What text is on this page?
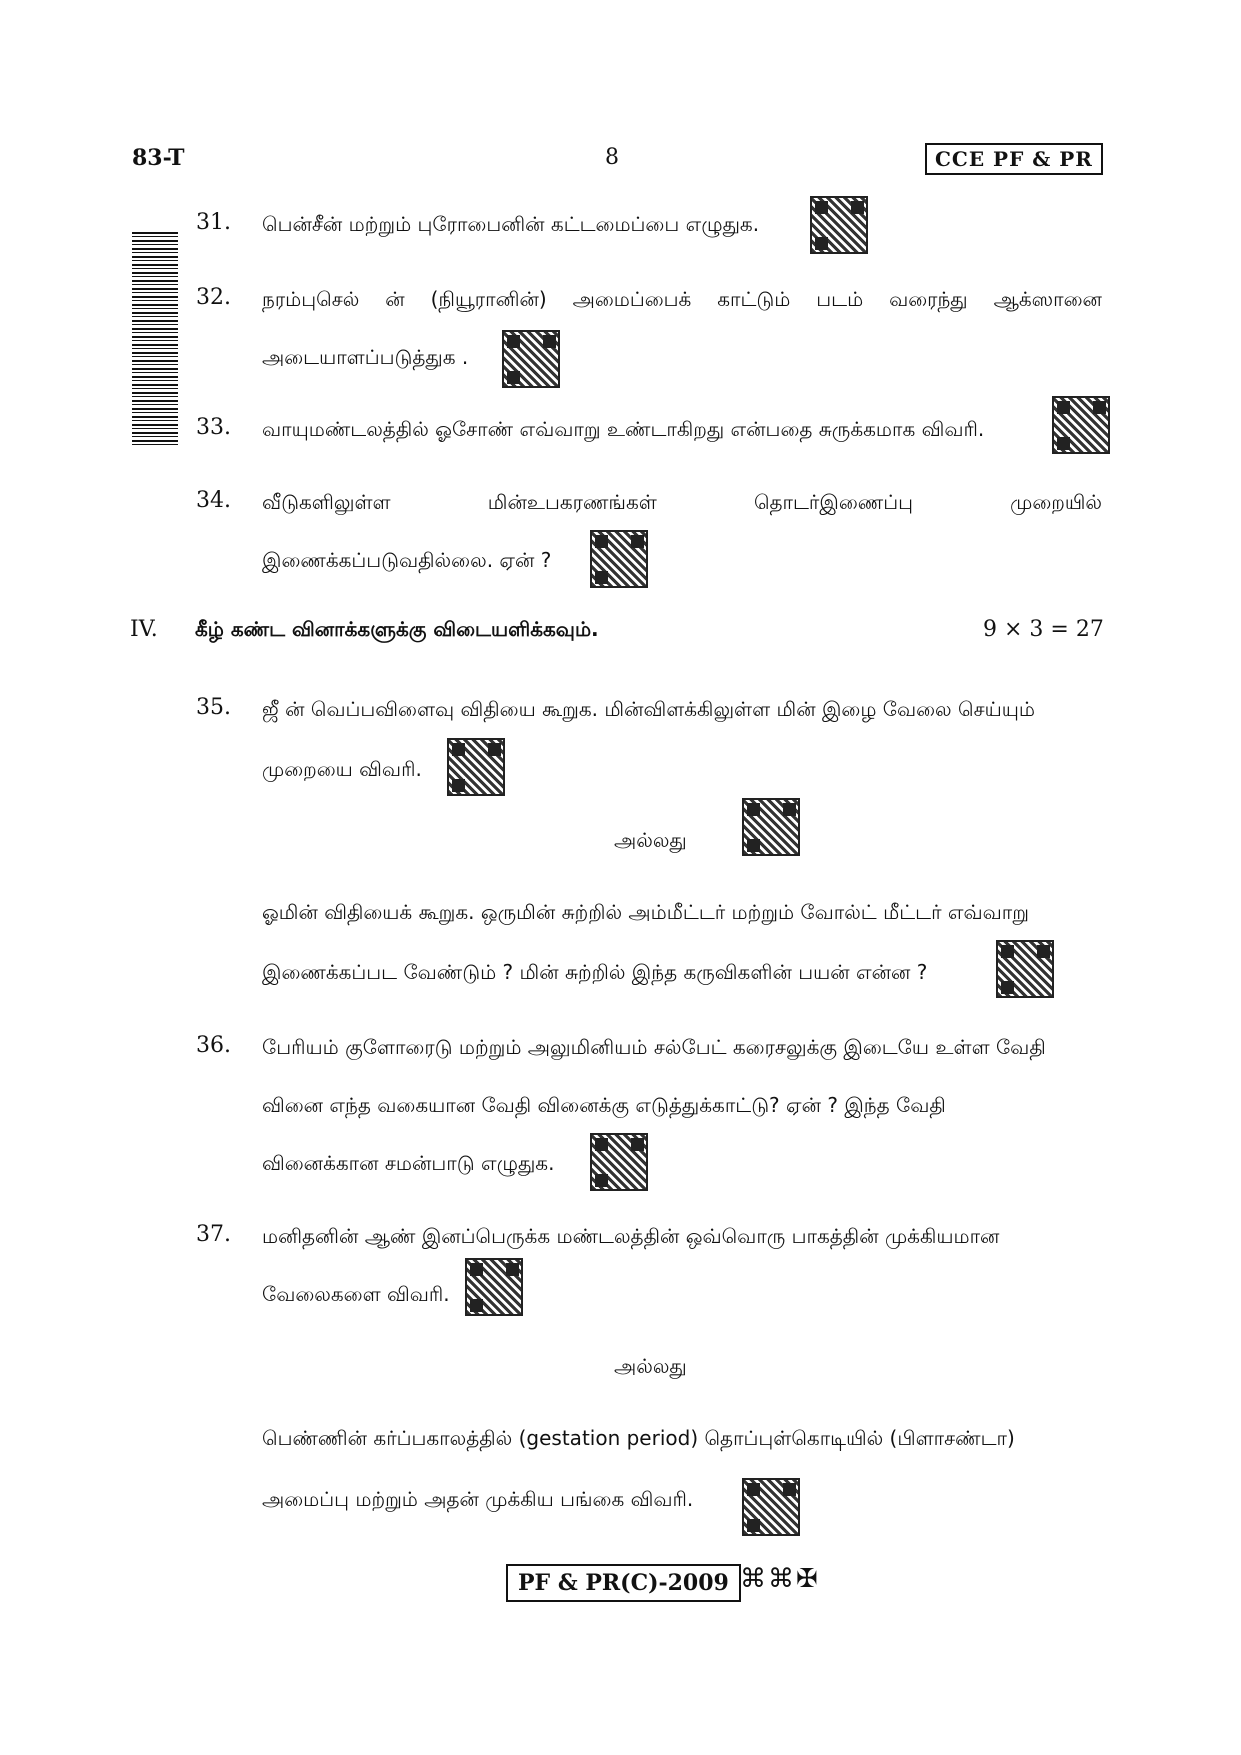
83-T	8	CCE PF & PR
31.	பென்சீன் மற்றும் புரோபைனின் கட்டமைப்பை எழுதுக.
32.	நரம்புசெல் ன் (நியூரானின்) அமைப்பைக் காட்டும் படம் வரைந்து ஆக்ஸானை
அடையாளப்படுத்துக .
33.	வாயுமண்டலத்தில் ஓசோண் எவ்வாறு உண்டாகிறது என்பதை சுருக்கமாக விவரி.
34.	வீடுகளிலுள்ள	மின்உபகரணங்கள்	தொடர்இணைப்பு	முறையில்
இணைக்கப்படுவதில்லை. ஏன் ?
IV. கீழ் கண்ட வினாக்களுக்கு விடையளிக்கவும்.	9 × 3 = 27
35.	ஜீ ன் வெப்பவிளைவு விதியை கூறுக. மின்விளக்கிலுள்ள மின் இழை வேலை செய்யும்
முறையை விவரி.
அல்லது
ஓமின் விதியைக் கூறுக. ஒருமின் சுற்றில் அம்மீட்டர் மற்றும் வோல்ட் மீட்டர் எவ்வாறு
இணைக்கப்பட வேண்டும் ? மின் சுற்றில் இந்த கருவிகளின் பயன் என்ன ?
36.	பேரியம் குளோரைடு மற்றும் அலுமினியம் சல்பேட் கரைசலுக்கு இடையே உள்ள வேதி
வினை எந்த வகையான வேதி வினைக்கு எடுத்துக்காட்டு? ஏன் ? இந்த வேதி
வினைக்கான சமன்பாடு எழுதுக.
37.	மனிதனின் ஆண் இனப்பெருக்க மண்டலத்தின் ஒவ்வொரு பாகத்தின் முக்கியமான
வேலைகளை விவரி.
அல்லது
பெண்ணின் கர்ப்பகாலத்தில் (gestation period) தொப்புள்கொடியில் (பிளாசண்டா)
அமைப்பு மற்றும் அதன் முக்கிய பங்கை விவரி.
PF & PR(C)-2009 ⌘⌘✠
